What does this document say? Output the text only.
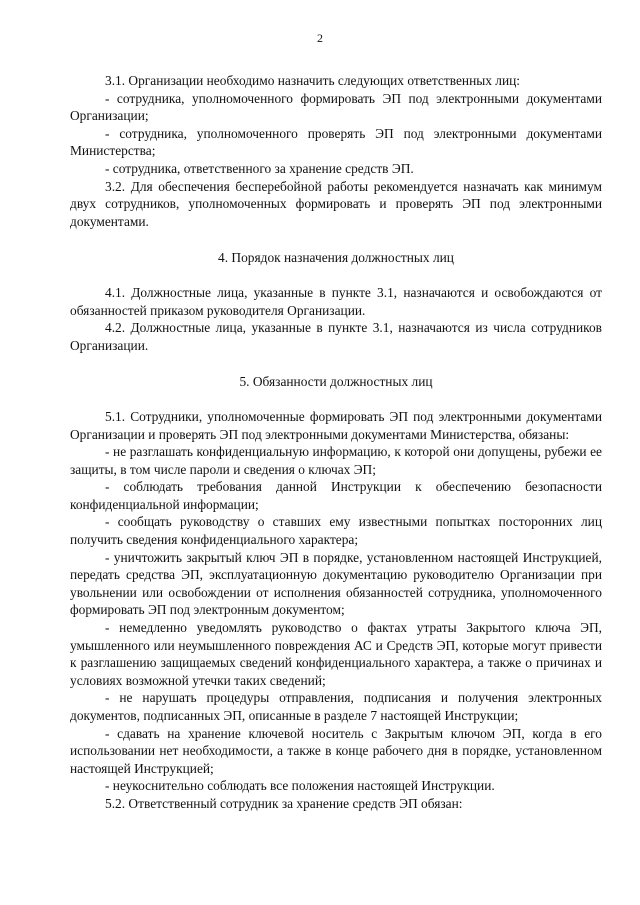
2

3.1. Организации необходимо назначить следующих ответственных лиц:

- сотрудника, уполномоченного формировать ЭП под электронными документами Организации;

- сотрудника, уполномоченного проверять ЭП под электронными документами Министерства;

- сотрудника, ответственного за хранение средств ЭП.

3.2. Для обеспечения бесперебойной работы рекомендуется назначать как минимум двух сотрудников, уполномоченных формировать и проверять ЭП под электронными документами.

4. Порядок назначения должностных лиц

4.1. Должностные лица, указанные в пункте 3.1, назначаются и освобождаются от обязанностей приказом руководителя Организации.

4.2. Должностные лица, указанные в пункте 3.1, назначаются из числа сотрудников Организации.

5. Обязанности должностных лиц

5.1. Сотрудники, уполномоченные формировать ЭП под электронными документами Организации и проверять ЭП под электронными документами Министерства, обязаны:

- не разглашать конфиденциальную информацию, к которой они допущены, рубежи ее защиты, в том числе пароли и сведения о ключах ЭП;

- соблюдать требования данной Инструкции к обеспечению безопасности конфиденциальной информации;

- сообщать руководству о ставших ему известными попытках посторонних лиц получить сведения конфиденциального характера;

- уничтожить закрытый ключ ЭП в порядке, установленном настоящей Инструкцией, передать средства ЭП, эксплуатационную документацию руководителю Организации при увольнении или освобождении от исполнения обязанностей сотрудника, уполномоченного формировать ЭП под электронным документом;

- немедленно уведомлять руководство о фактах утраты Закрытого ключа ЭП, умышленного или неумышленного повреждения АС и Средств ЭП, которые могут привести к разглашению защищаемых сведений конфиденциального характера, а также о причинах и условиях возможной утечки таких сведений;

- не нарушать процедуры отправления, подписания и получения электронных документов, подписанных ЭП, описанные в разделе 7 настоящей Инструкции;

- сдавать на хранение ключевой носитель с Закрытым ключом ЭП, когда в его использовании нет необходимости, а также в конце рабочего дня в порядке, установленном настоящей Инструкцией;

- неукоснительно соблюдать все положения настоящей Инструкции.

5.2. Ответственный сотрудник за хранение средств ЭП обязан:
